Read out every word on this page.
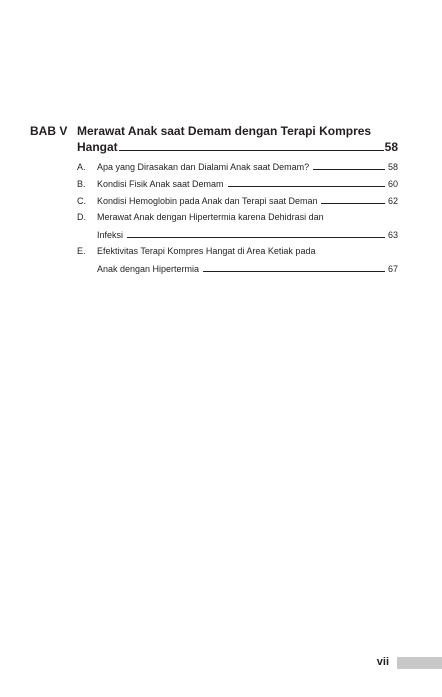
BAB V Merawat Anak saat Demam dengan Terapi Kompres
Hangat	58
A.	Apa yang Dirasakan dan Dialami Anak saat Demam?	58
B.	Kondisi Fisik Anak saat Demam	60
C.	Kondisi Hemoglobin pada Anak dan Terapi saat Deman	62
D.	Merawat Anak dengan Hipertermia karena Dehidrasi dan
Infeksi	63
E.	Efektivitas Terapi Kompres Hangat di Area Ketiak pada
Anak dengan Hipertermia	67
vii
